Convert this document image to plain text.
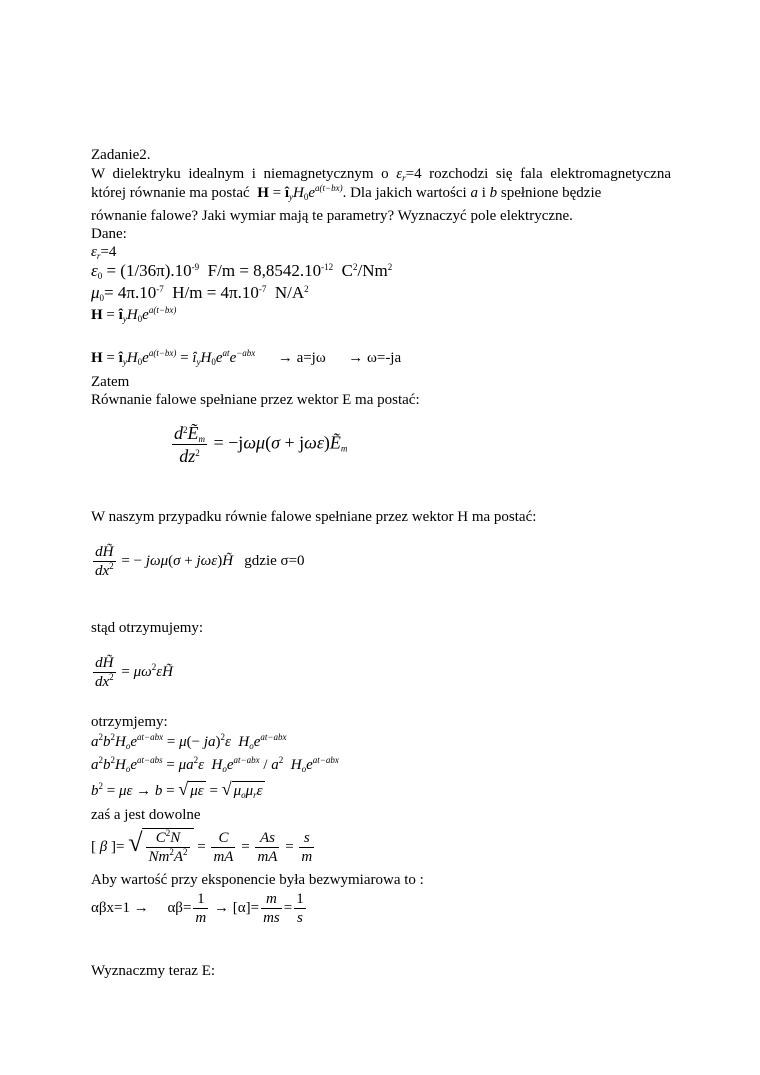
Zadanie2.
W dielektryku idealnym i niemagnetycznym o $\varepsilon_r=4$ rozchodzi się fala elektromagnetyczna
której równanie ma postać $H = î_yH_0e^{a(t-bx)}$. Dla jakich wartości a i b spełnione będzie
równanie falowe? Jaki wymiar mają te parametry? Wyznaczyć pole elektryczne.
Dane:
$\varepsilon_r=4$
$\varepsilon_0 = (1/36\pi).10^{-9}$  $F/m = 8,8542.10^{-12}$  $C^2/Nm^2$
$\mu_0= 4\pi.10^{-7}$  $H/m = 4\pi.10^{-7}$  $N/A^2$
$H = î_yH_0e^{a(t-bx)}$
$H = î_yH_0e^{a(t-bx)}$ = $î_yH_0e^{at}e^{-abx} \to a=j\omega \to \omega=-ja$
Zatem
Równanie falowe spełniane przez wektor E ma postać:
$\frac{d^2Ẽ_m}{dz^2} = -j\omega\mu(\sigma$ + jωε)Ẽ$_m$
W naszym przypadku równie falowe spełniane przez wektor H ma postać:
$\frac{dH̃}{dx^2}$ = − jωμ(σ + jωε)H̃ gdzie σ=0
stąd otrzymujemy:
$\frac{dH̃}{dx^2}$ = $\mu\omega^2\varepsilon H̃$
otrzymjemy:
$a^2b^2H_oe^{at-abx} = \mu(- ja)^2\varepsilon$ $H_oe^{at-abx}$
$a^2b^2H_oe^{at-abs} = \mu a^2\varepsilon$ $H_oe^{at-abx} / a^2$ $H_oe^{at-abx}$
$b^2 = \mu\varepsilon \to b$ = √ με = √ $\mu_o\mu_r\varepsilon$
zaś a jest dowolne
[ β ]= √ $\frac{C^2N}{Nm^2A^2} = \frac{C}{mA} = \frac{As}{mA} = \frac{s}{m}$
Aby wartość przy eksponencie była bezwymiarowa to :
$\alpha\beta x=1 \to \alpha\beta= \frac{1}{m} \to [\alpha]= \frac{m}{ms} = \frac{1}{s}$
Wyznaczmy teraz E:
